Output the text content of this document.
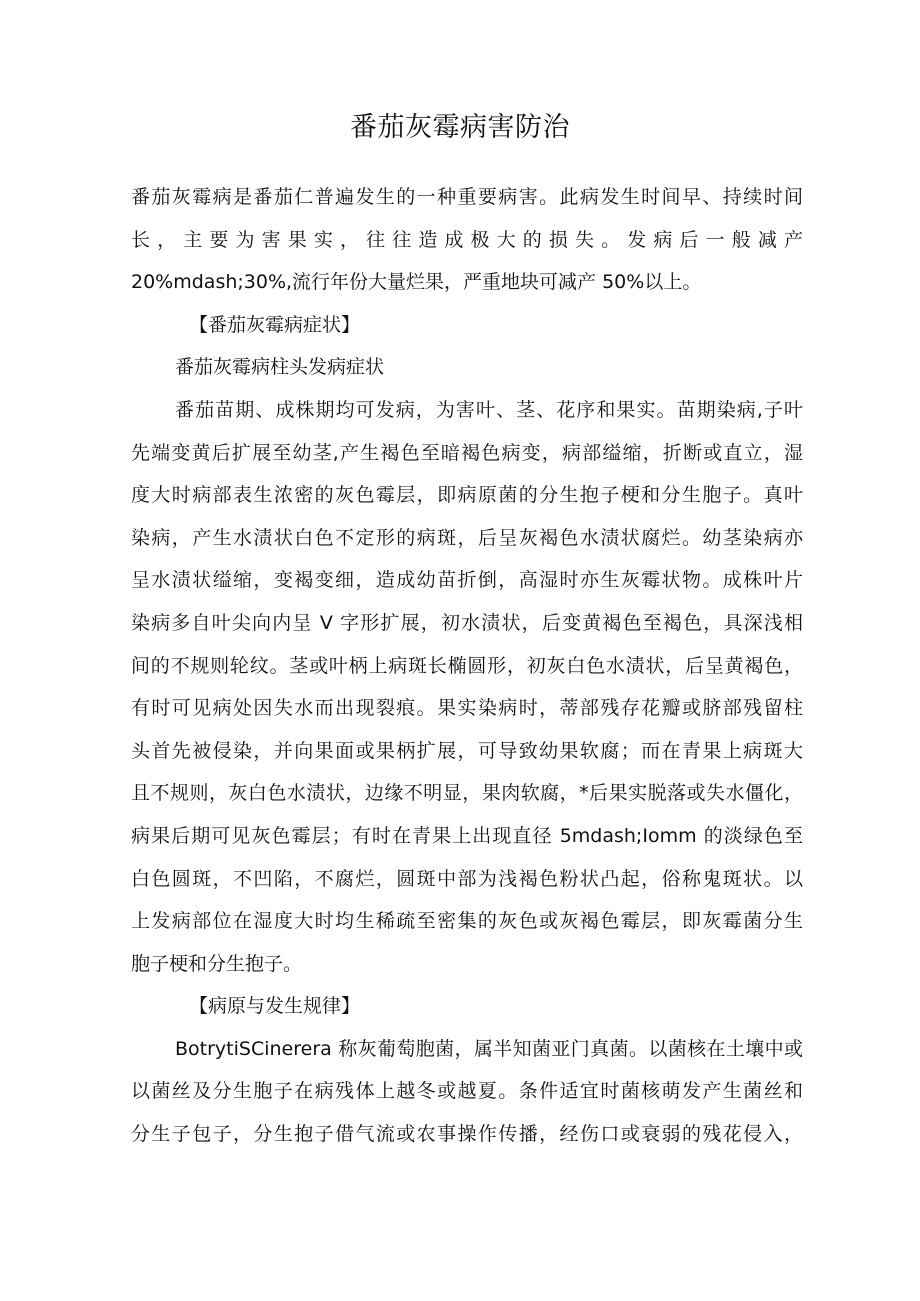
番茄灰霉病害防治
番茄灰霉病是番茄仁普遍发生的一种重要病害。此病发生时间早、持续时间
长，主要为害果实，往往造成极大的损失。发病后一般减产
20%mdash;30%,流行年份大量烂果，严重地块可减产 50%以上。
【番茄灰霉病症状】
番茄灰霉病柱头发病症状
番茄苗期、成株期均可发病，为害叶、茎、花序和果实。苗期染病,子叶
先端变黄后扩展至幼茎,产生褐色至暗褐色病变，病部缢缩，折断或直立，湿
度大时病部表生浓密的灰色霉层，即病原菌的分生抱子梗和分生胞子。真叶
染病，产生水渍状白色不定形的病斑，后呈灰褐色水渍状腐烂。幼茎染病亦
呈水渍状缢缩，变褐变细，造成幼苗折倒，高湿时亦生灰霉状物。成株叶片
染病多自叶尖向内呈 V 字形扩展，初水渍状，后变黄褐色至褐色，具深浅相
间的不规则轮纹。茎或叶柄上病斑长椭圆形，初灰白色水渍状，后呈黄褐色，
有时可见病处因失水而出现裂痕。果实染病时，蒂部残存花瓣或脐部残留柱
头首先被侵染，并向果面或果柄扩展，可导致幼果软腐；而在青果上病斑大
且不规则，灰白色水渍状，边缘不明显，果肉软腐，*后果实脱落或失水僵化，
病果后期可见灰色霉层；有时在青果上出现直径 5mdash;Iomm 的淡绿色至
白色圆斑，不凹陷，不腐烂，圆斑中部为浅褐色粉状凸起，俗称鬼斑状。以
上发病部位在湿度大时均生稀疏至密集的灰色或灰褐色霉层，即灰霉菌分生
胞子梗和分生抱子。
【病原与发生规律】
BotrytiSCinerera 称灰葡萄胞菌，属半知菌亚门真菌。以菌核在土壤中或
以菌丝及分生胞子在病残体上越冬或越夏。条件适宜时菌核萌发产生菌丝和
分生子包子，分生抱子借气流或农事操作传播，经伤口或衰弱的残花侵入，
